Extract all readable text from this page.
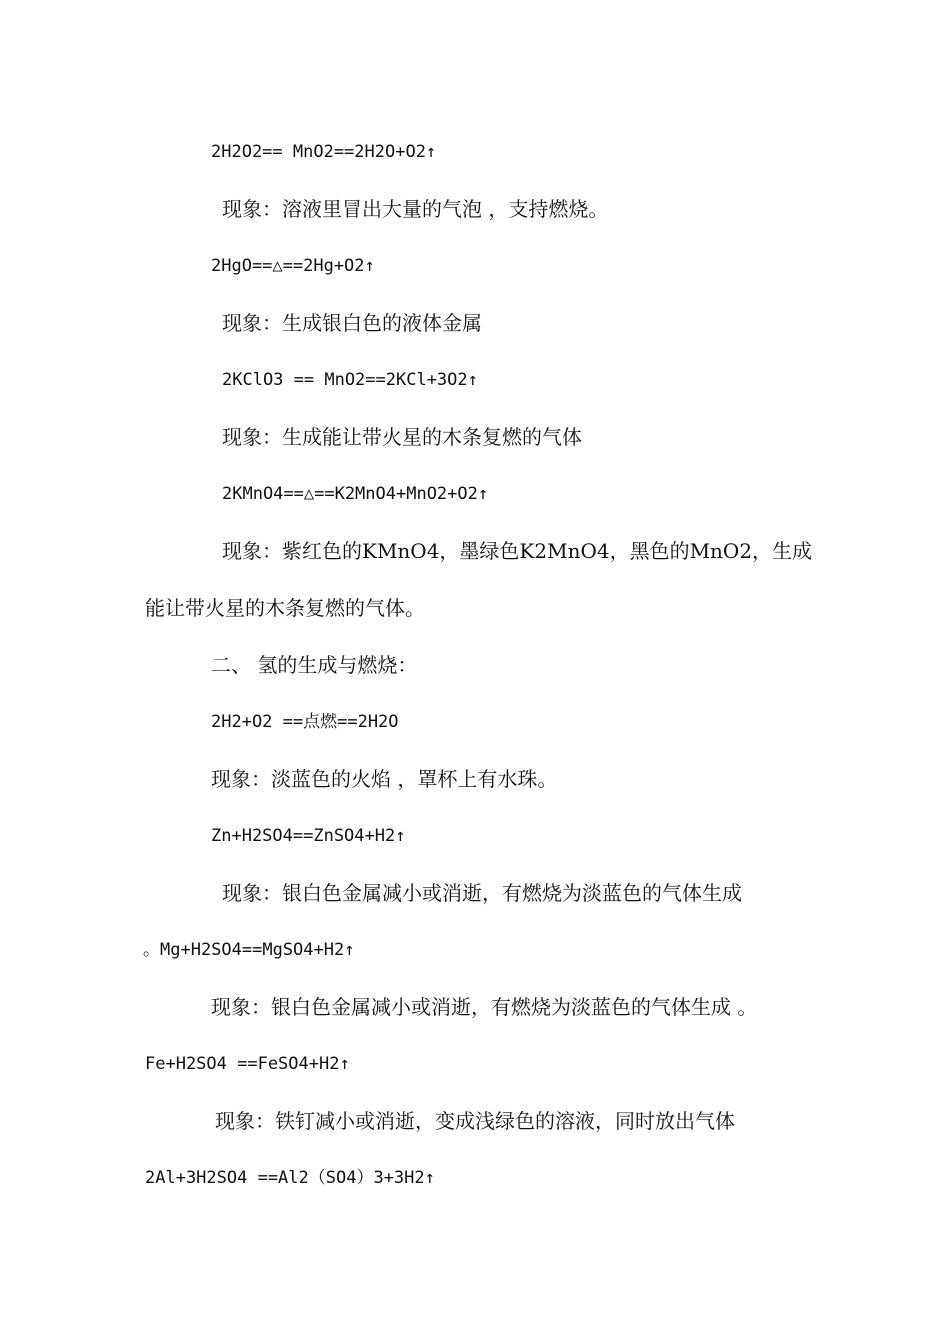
2H2O2== MnO2==2H2O+O2↑
现象：溶液里冒出大量的气泡 ，支持燃烧。
2HgO==△==2Hg+O2↑
现象：生成银白色的液体金属
2KClO3 == MnO2==2KCl+3O2↑
现象：生成能让带火星的木条复燃的气体
2KMnO4==△==K2MnO4+MnO2+O2↑
现象：紫红色的KMnO4，墨绿色K2MnO4，黑色的MnO2，生成
能让带火星的木条复燃的气体。
二、 氢的生成与燃烧：
2H2+O2 ==点燃==2H2O
现象：淡蓝色的火焰 ，罩杯上有水珠。
Zn+H2SO4==ZnSO4+H2↑
现象：银白色金属减小或消逝，有燃烧为淡蓝色的气体生成
。Mg+H2SO4==MgSO4+H2↑
现象：银白色金属减小或消逝，有燃烧为淡蓝色的气体生成 。
Fe+H2SO4 ==FeSO4+H2↑
现象：铁钉减小或消逝，变成浅绿色的溶液，同时放出气体
2Al+3H2SO4 ==Al2（SO4）3+3H2↑
